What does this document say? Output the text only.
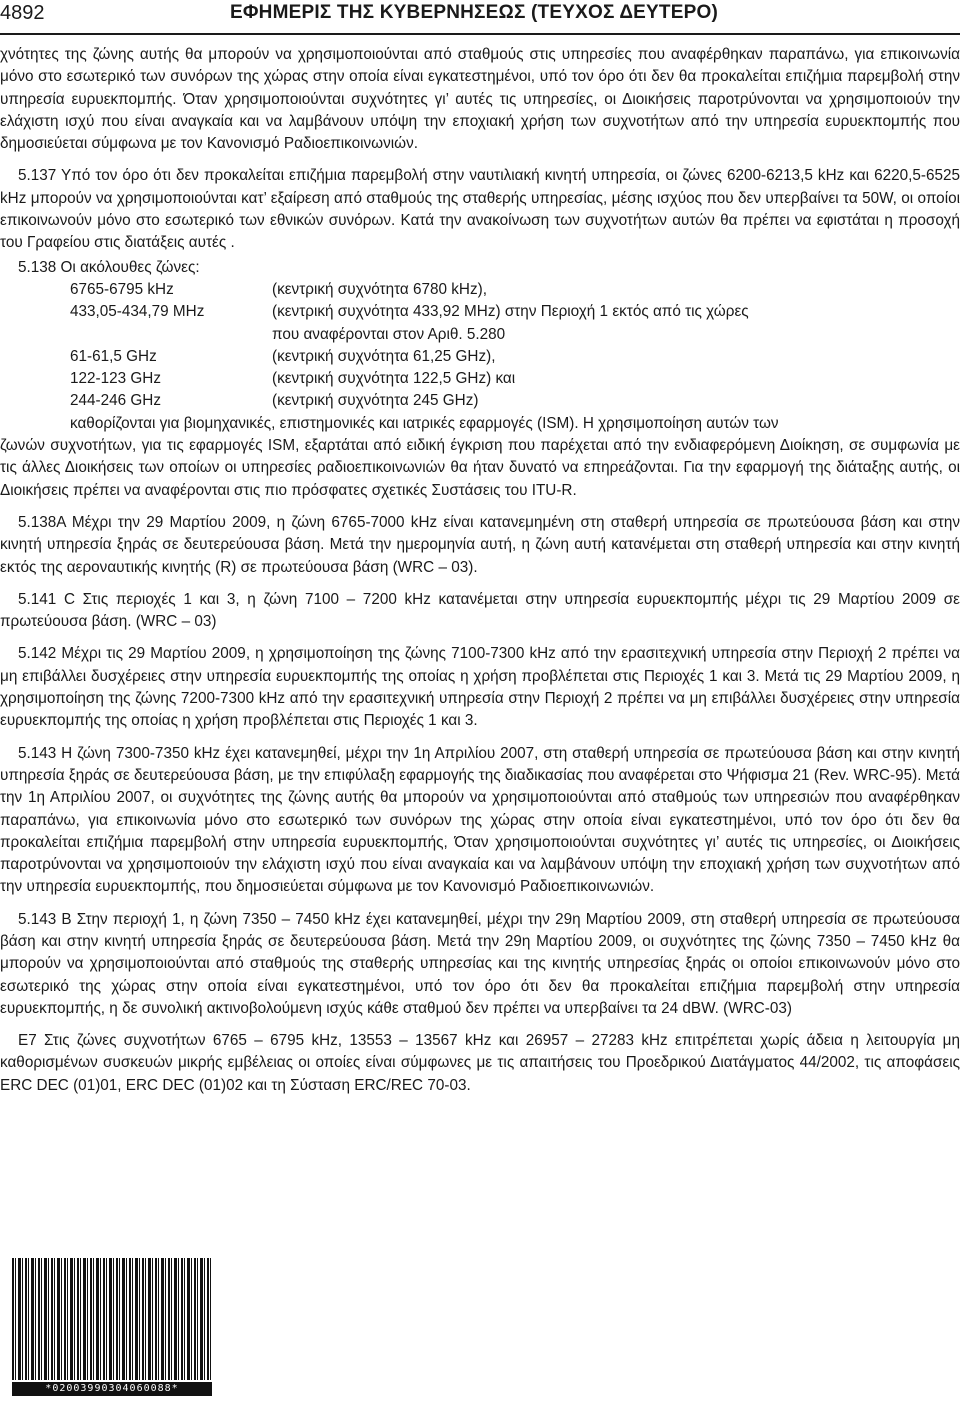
4892	ΕΦΗΜΕΡΙΣ ΤΗΣ ΚΥΒΕΡΝΗΣΕΩΣ (ΤΕΥΧΟΣ ΔΕΥΤΕΡΟ)

χνότητες της ζώνης αυτής θα μπορούν να χρησιμοποιούνται από σταθμούς στις υπηρεσίες που αναφέρθηκαν παραπάνω, για επικοινωνία μόνο στο εσωτερικό των συνόρων της χώρας στην οποία είναι εγκατεστημένοι, υπό τον όρο ότι δεν θα προκαλείται επιζήμια παρεμβολή στην υπηρεσία ευρυεκπομπής. Όταν χρησιμοποιούνται συχνότητες γι’ αυτές τις υπηρεσίες, οι Διοικήσεις παροτρύνονται να χρησιμοποιούν την ελάχιστη ισχύ που είναι αναγκαία και να λαμβάνουν υπόψη την εποχιακή χρήση των συχνοτήτων από την υπηρεσία ευρυεκπομπής που δημοσιεύεται σύμφωνα με τον Κανονισμό Ραδιοεπικοινωνιών.

5.137 Υπό τον όρο ότι δεν προκαλείται επιζήμια παρεμβολή στην ναυτιλιακή κινητή υπηρεσία, οι ζώνες 6200-6213,5 kHz και 6220,5-6525 kHz μπορούν να χρησιμοποιούνται κατ’ εξαίρεση από σταθμούς της σταθερής υπηρεσίας, μέσης ισχύος που δεν υπερβαίνει τα 50W, οι οποίοι επικοινωνούν μόνο στο εσωτερικό των εθνικών συνόρων. Κατά την ανακοίνωση των συχνοτήτων αυτών θα πρέπει να εφιστάται η προσοχή του Γραφείου στις διατάξεις αυτές .

5.138 Οι ακόλουθες ζώνες:

6765-6795 kHz	(κεντρική συχνότητα 6780 kHz),
433,05-434,79 MHz	(κεντρική συχνότητα 433,92 MHz) στην Περιοχή 1 εκτός από τις χώρες
που αναφέρονται στον Αριθ. 5.280
61-61,5 GHz	(κεντρική συχνότητα 61,25 GHz),
122-123 GHz	(κεντρική συχνότητα 122,5 GHz) και
244-246 GHz	(κεντρική συχνότητα 245 GHz)

καθορίζονται για βιομηχανικές, επιστημονικές και ιατρικές εφαρμογές (ISM). Η χρησιμοποίηση αυτών των

ζωνών συχνοτήτων, για τις εφαρμογές ISM, εξαρτάται από ειδική έγκριση που παρέχεται από την ενδιαφερόμενη Διοίκηση, σε συμφωνία με τις άλλες Διοικήσεις των οποίων οι υπηρεσίες ραδιοεπικοινωνιών θα ήταν δυνατό να επηρεάζονται. Για την εφαρμογή της διάταξης αυτής, οι Διοικήσεις πρέπει να αναφέρονται στις πιο πρόσφατες σχετικές Συστάσεις του ITU-R.

5.138A Μέχρι την 29 Μαρτίου 2009, η ζώνη 6765-7000 kHz είναι κατανεμημένη στη σταθερή υπηρεσία σε πρωτεύουσα βάση και στην κινητή υπηρεσία ξηράς σε δευτερεύουσα βάση. Μετά την ημερομηνία αυτή, η ζώνη αυτή κατανέμεται στη σταθερή υπηρεσία και στην κινητή εκτός της αεροναυτικής κινητής (R) σε πρωτεύουσα βάση (WRC – 03).

5.141 C Στις περιοχές 1 και 3, η ζώνη 7100 – 7200 kHz κατανέμεται στην υπηρεσία ευρυεκπομπής μέχρι τις 29 Μαρτίου 2009 σε πρωτεύουσα βάση. (WRC – 03)

5.142 Μέχρι τις 29 Μαρτίου 2009, η χρησιμοποίηση της ζώνης 7100-7300 kHz από την ερασιτεχνική υπηρεσία στην Περιοχή 2 πρέπει να μη επιβάλλει δυσχέρειες στην υπηρεσία ευρυεκπομπής της οποίας η χρήση προβλέπεται στις Περιοχές 1 και 3. Μετά τις 29 Μαρτίου 2009, η χρησιμοποίηση της ζώνης 7200-7300 kHz από την ερασιτεχνική υπηρεσία στην Περιοχή 2 πρέπει να μη επιβάλλει δυσχέρειες στην υπηρεσία ευρυεκπομπής της οποίας η χρήση προβλέπεται στις Περιοχές 1 και 3.

5.143 Η ζώνη 7300-7350 kHz έχει κατανεμηθεί, μέχρι την 1η Απριλίου 2007, στη σταθερή υπηρεσία σε πρωτεύουσα βάση και στην κινητή υπηρεσία ξηράς σε δευτερεύουσα βάση, με την επιφύλαξη εφαρμογής της διαδικασίας που αναφέρεται στο Ψήφισμα 21 (Rev. WRC-95). Μετά την 1η Απριλίου 2007, οι συχνότητες της ζώνης αυτής θα μπορούν να χρησιμοποιούνται από σταθμούς των υπηρεσιών που αναφέρθηκαν παραπάνω, για επικοινωνία μόνο στο εσωτερικό των συνόρων της χώρας στην οποία είναι εγκατεστημένοι, υπό τον όρο ότι δεν θα προκαλείται επιζήμια παρεμβολή στην υπηρεσία ευρυεκπομπής, Όταν χρησιμοποιούνται συχνότητες γι’ αυτές τις υπηρεσίες, οι Διοικήσεις παροτρύνονται να χρησιμοποιούν την ελάχιστη ισχύ που είναι αναγκαία και να λαμβάνουν υπόψη την εποχιακή χρήση των συχνοτήτων από την υπηρεσία ευρυεκπομπής, που δημοσιεύεται σύμφωνα με τον Κανονισμό Ραδιοεπικοινωνιών.

5.143 B Στην περιοχή 1, η ζώνη 7350 – 7450 kHz έχει κατανεμηθεί, μέχρι την 29η Μαρτίου 2009, στη σταθερή υπηρεσία σε πρωτεύουσα βάση και στην κινητή υπηρεσία ξηράς σε δευτερεύουσα βάση. Μετά την 29η Μαρτίου 2009, οι συχνότητες της ζώνης 7350 – 7450 kHz θα μπορούν να χρησιμοποιούνται από σταθμούς της σταθερής υπηρεσίας και της κινητής υπηρεσίας ξηράς οι οποίοι επικοινωνούν μόνο στο εσωτερικό της χώρας στην οποία είναι εγκατεστημένοι, υπό τον όρο ότι δεν θα προκαλείται επιζήμια παρεμβολή στην υπηρεσία ευρυεκπομπής, η δε συνολική ακτινοβολούμενη ισχύς κάθε σταθμού δεν πρέπει να υπερβαίνει τα 24 dBW. (WRC-03)

Ε7 Στις ζώνες συχνοτήτων 6765 – 6795 kHz, 13553 – 13567 kHz και 26957 – 27283 kHz επιτρέπεται χωρίς άδεια η λειτουργία μη καθορισμένων συσκευών μικρής εμβέλειας οι οποίες είναι σύμφωνες με τις απαιτήσεις του Προεδρικού Διατάγματος 44/2002, τις αποφάσεις ERC DEC (01)01, ERC DEC (01)02 και τη Σύσταση ERC/REC 70-03.

*02003990304060088*
